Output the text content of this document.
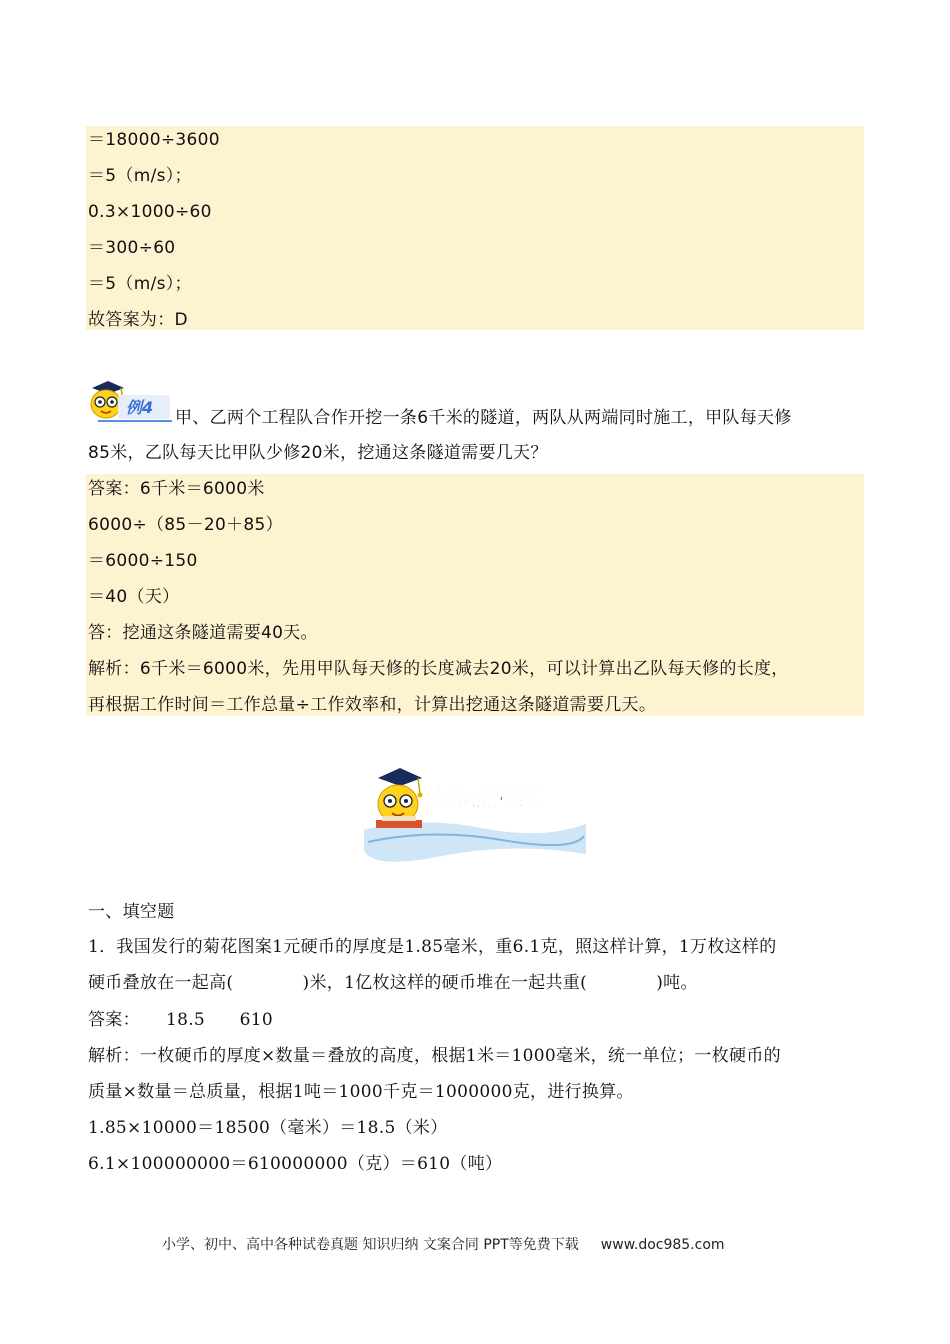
＝18000÷3600
＝5（m/s）；
0.3×1000÷60
＝300÷60
＝5（m/s）；
故答案为：D
例4
甲、乙两个工程队合作开挖一条6千米的隧道，两队从两端同时施工，甲队每天修
85米，乙队每天比甲队少修20米，挖通这条隧道需要几天？
答案：6千米＝6000米
6000÷（85－20＋85）
＝6000÷150
＝40（天）
答：挖通这条隧道需要40天。
解析：6千米＝6000米，先用甲队每天修的长度减去20米，可以计算出乙队每天修的长度，
再根据工作时间＝工作总量÷工作效率和，计算出挖通这条隧道需要几天。
知识点精练
一、填空题
1．我国发行的菊花图案1元硬币的厚度是1.85毫米，重6.1克，照这样计算，1万枚这样的
硬币叠放在一起高(　　　　)米，1亿枚这样的硬币堆在一起共重(　　　　)吨。
答案：　　18.5　　610
解析：一枚硬币的厚度×数量＝叠放的高度，根据1米＝1000毫米，统一单位；一枚硬币的
质量×数量＝总质量，根据1吨＝1000千克＝1000000克，进行换算。
1.85×10000＝18500（毫米）＝18.5（米）
6.1×100000000＝610000000（克）＝610（吨）
小学、初中、高中各种试卷真题 知识归纳 文案合同 PPT等免费下载 www.doc985.com
